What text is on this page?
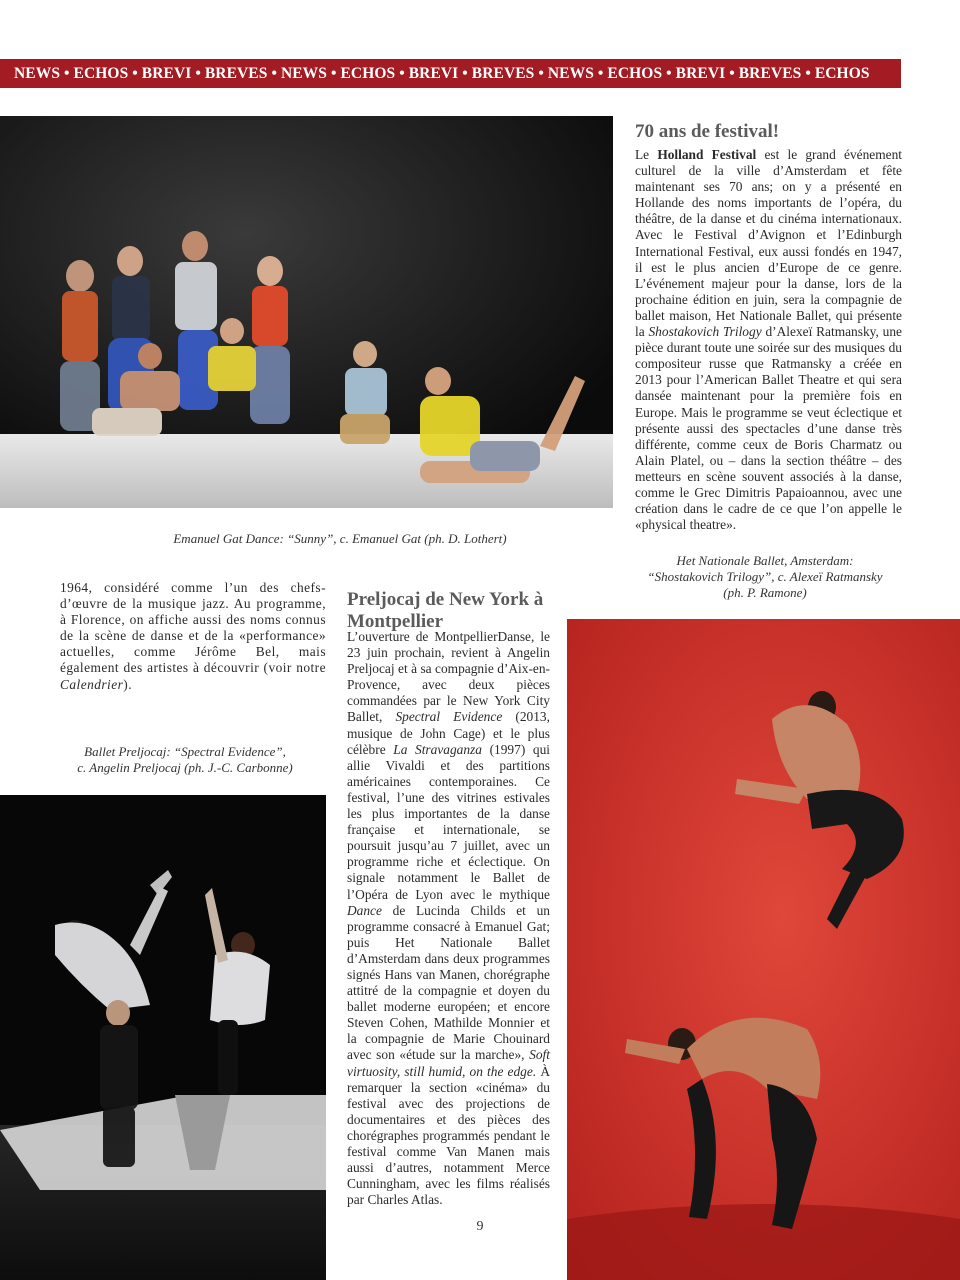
NEWS • ECHOS • BREVI • BREVES • NEWS • ECHOS • BREVI • BREVES • NEWS • ECHOS • BREVI • BREVES • ECHOS
Emanuel Gat Dance: “Sunny”, c. Emanuel Gat (ph. D. Lothert)
70 ans de festival!
Le Holland Festival est le grand événement culturel de la ville d’Amsterdam et fête maintenant ses 70 ans; on y a présenté en Hollande des noms importants de l’opéra, du théâtre, de la danse et du cinéma internationaux. Avec le Festival d’Avignon et l’Edinburgh International Festival, eux aussi fondés en 1947, il est le plus ancien d’Europe de ce genre. L’événement majeur pour la danse, lors de la prochaine édition en juin, sera la compagnie de ballet maison, Het Nationale Ballet, qui présente la Shostakovich Trilogy d’Alexeï Ratmansky, une pièce durant toute une soirée sur des musiques du compositeur russe que Ratmansky a créée en 2013 pour l’American Ballet Theatre et qui sera dansée maintenant pour la première fois en Europe. Mais le programme se veut éclectique et présente aussi des spectacles d’une danse très différente, comme ceux de Boris Charmatz ou Alain Platel, ou – dans la section théâtre – des metteurs en scène souvent associés à la danse, comme le Grec Dimitris Papaioannou, avec une création dans le cadre de ce que l’on appelle le «physical theatre».
Het Nationale Ballet, Amsterdam:
“Shostakovich Trilogy”, c. Alexeï Ratmansky
(ph. P. Ramone)
1964, considéré comme l’un des chefs-d’œuvre de la musique jazz. Au programme, à Florence, on affiche aussi des noms connus de la scène de danse et de la «performance» actuelles, comme Jérôme Bel, mais également des artistes à découvrir (voir notre Calendrier).
Ballet Preljocaj: “Spectral Evidence”,
c. Angelin Preljocaj (ph. J.-C. Carbonne)
Preljocaj de New York à Montpellier
L’ouverture de MontpellierDanse, le 23 juin prochain, revient à Angelin Preljocaj et à sa compagnie d’Aix-en-Provence, avec deux pièces commandées par le New York City Ballet, Spectral Evidence (2013, musique de John Cage) et le plus célèbre La Stravaganza (1997) qui allie Vivaldi et des partitions américaines contemporaines. Ce festival, l’une des vitrines estivales les plus importantes de la danse française et internationale, se poursuit jusqu’au 7 juillet, avec un programme riche et éclectique. On signale notamment le Ballet de l’Opéra de Lyon avec le mythique Dance de Lucinda Childs et un programme consacré à Emanuel Gat; puis Het Nationale Ballet d’Amsterdam dans deux programmes signés Hans van Manen, chorégraphe attitré de la compagnie et doyen du ballet moderne européen; et encore Steven Cohen, Mathilde Monnier et la compagnie de Marie Chouinard avec son «étude sur la marche», Soft virtuosity, still humid, on the edge. À remarquer la section «cinéma» du festival avec des projections de documentaires et des pièces des chorégraphes programmés pendant le festival comme Van Manen mais aussi d’autres, notamment Merce Cunningham, avec les films réalisés par Charles Atlas.
9
